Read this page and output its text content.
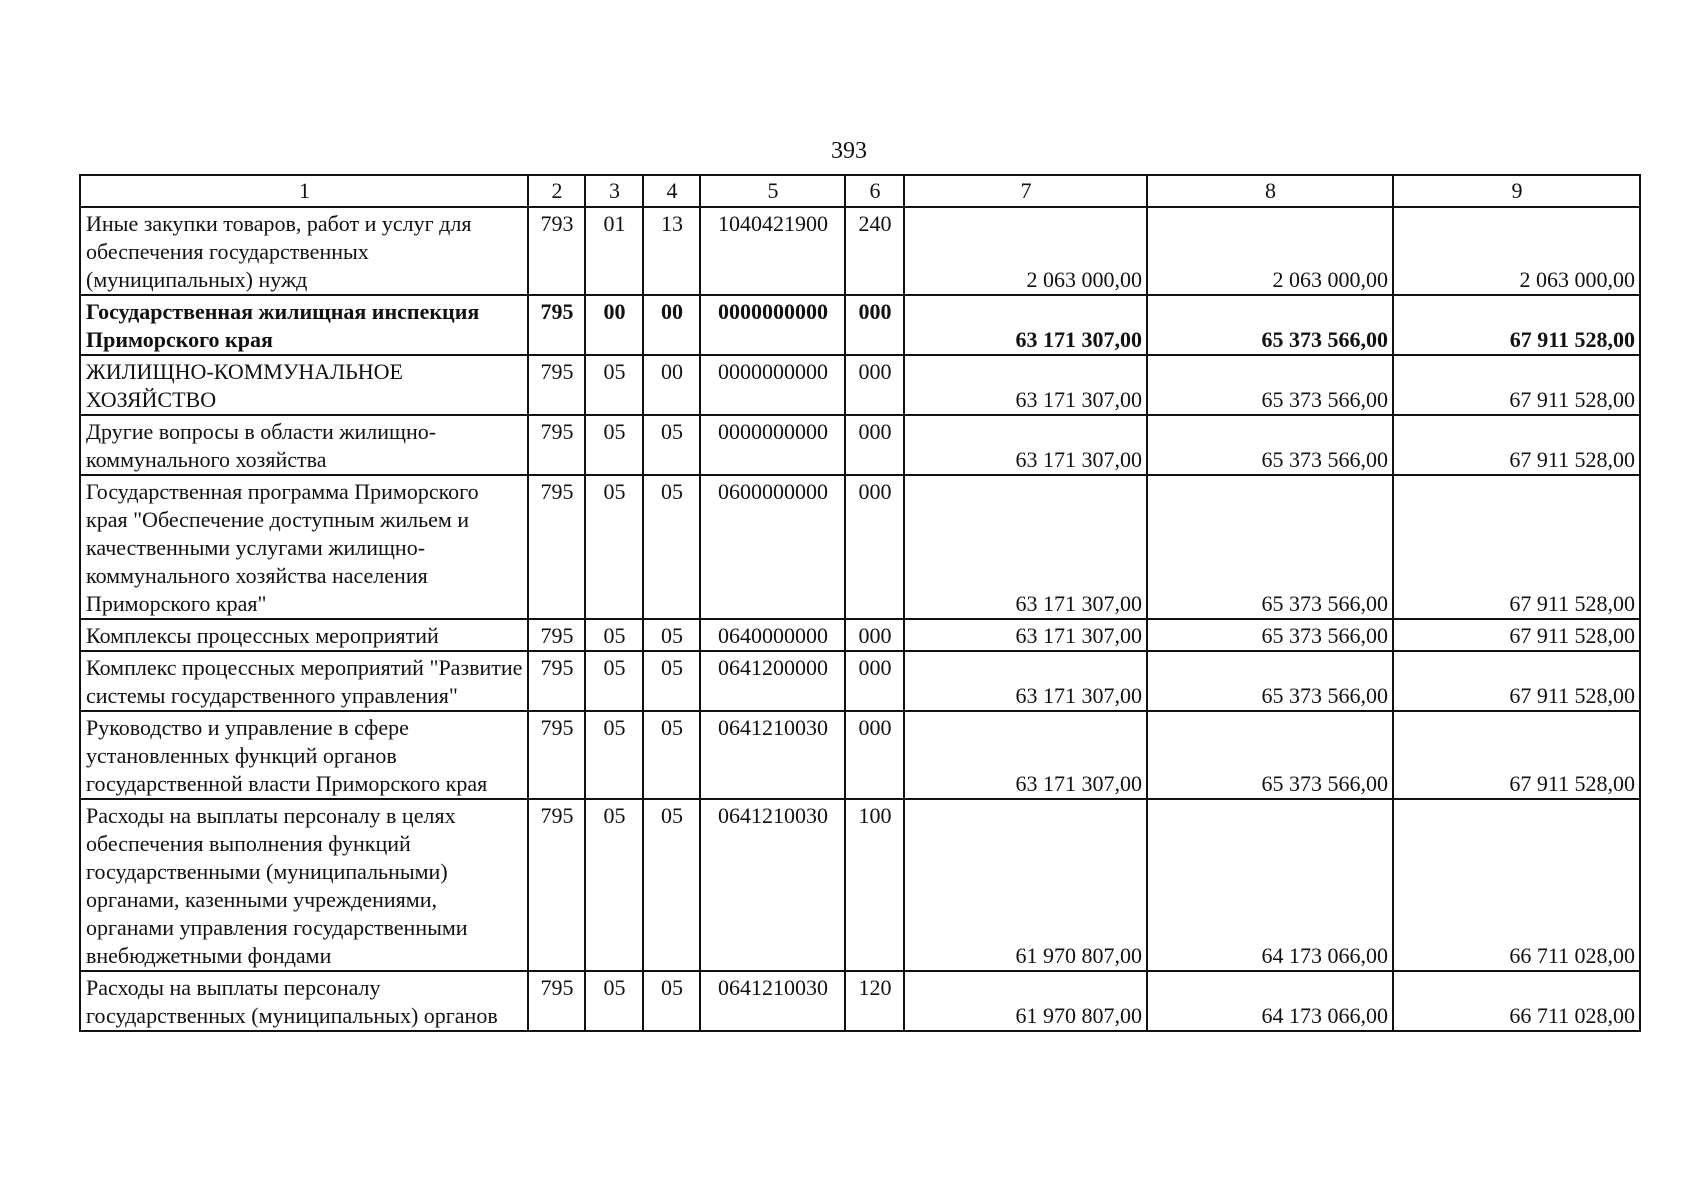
393
1	2	3	4	5	6	7	8	9
Иные закупки товаров, работ и услуг для обеспечения государственных (муниципальных) нужд	793	01	13	1040421900	240	2 063 000,00	2 063 000,00	2 063 000,00
Государственная жилищная инспекция Приморского края	795	00	00	0000000000	000	63 171 307,00	65 373 566,00	67 911 528,00
ЖИЛИЩНО-КОММУНАЛЬНОЕ ХОЗЯЙСТВО	795	05	00	0000000000	000	63 171 307,00	65 373 566,00	67 911 528,00
Другие вопросы в области жилищно-коммунального хозяйства	795	05	05	0000000000	000	63 171 307,00	65 373 566,00	67 911 528,00
Государственная программа Приморского края "Обеспечение доступным жильем и качественными услугами жилищно-коммунального хозяйства населения Приморского края"	795	05	05	0600000000	000	63 171 307,00	65 373 566,00	67 911 528,00
Комплексы процессных мероприятий	795	05	05	0640000000	000	63 171 307,00	65 373 566,00	67 911 528,00
Комплекс процессных мероприятий "Развитие системы государственного управления"	795	05	05	0641200000	000	63 171 307,00	65 373 566,00	67 911 528,00
Руководство и управление в сфере установленных функций органов государственной власти Приморского края	795	05	05	0641210030	000	63 171 307,00	65 373 566,00	67 911 528,00
Расходы на выплаты персоналу в целях обеспечения выполнения функций государственными (муниципальными) органами, казенными учреждениями, органами управления государственными внебюджетными фондами	795	05	05	0641210030	100	61 970 807,00	64 173 066,00	66 711 028,00
Расходы на выплаты персоналу государственных (муниципальных) органов	795	05	05	0641210030	120	61 970 807,00	64 173 066,00	66 711 028,00
